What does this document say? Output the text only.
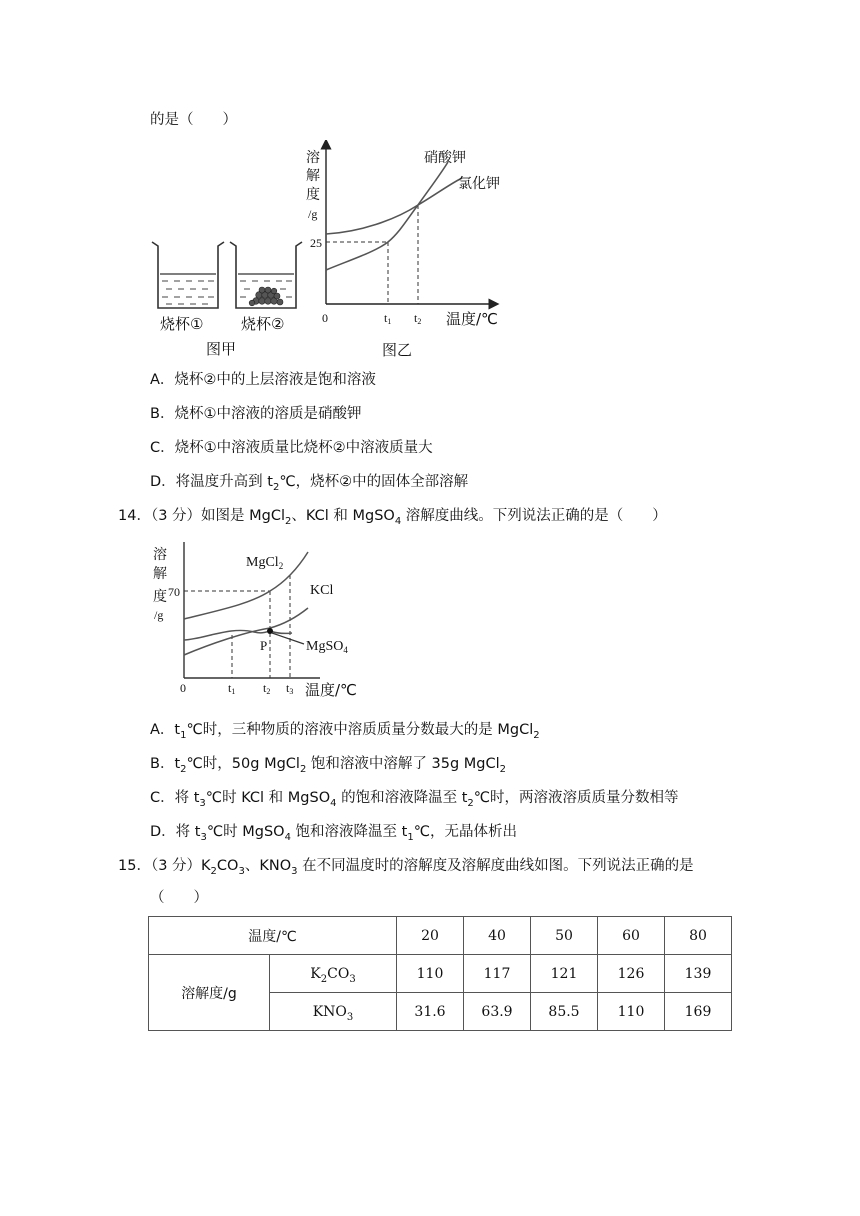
的是（　　）
烧杯①	烧杯②
图甲
溶
解
度
/g
25
0
硝酸钾
氯化钾
t1 t2 温度/℃
图乙
A．烧杯②中的上层溶液是饱和溶液
B．烧杯①中溶液的溶质是硝酸钾
C．烧杯①中溶液质量比烧杯②中溶液质量大
D．将温度升高到 $t_2℃$，烧杯②中的固体全部溶解
14．（3 分）如图是 MgCl$_2$、KCl 和 MgSO$_4$ 溶解度曲线。下列说法正确的是（　　）
溶
解
度
/g
70
0
MgCl$_2$
KCl
MgSO$_4$
P
t1 t2 t3 温度/℃
A．$t_1℃$时，三种物质的溶液中溶质质量分数最大的是 MgCl$_2$
B．$t_2℃$时，50g MgCl$_2$ 饱和溶液中溶解了 35g MgCl$_2$
C．将 $t_3℃$时 KCl 和 MgSO$_4$ 的饱和溶液降温至 $t_2℃$时，两溶液溶质质量分数相等
D．将 $t_3℃$时 MgSO$_4$ 饱和溶液降温至 $t_1℃$，无晶体析出
15．（3 分）$K_2CO_3$、$KNO_3$ 在不同温度时的溶解度及溶解度曲线如图。下列说法正确的是
（　　）
温度/℃		20	40	50	60	80
溶解度/g	$K_2CO_3$	110	117	121	126	139
	$KNO_3$	31.6	63.9	85.5	110	169
